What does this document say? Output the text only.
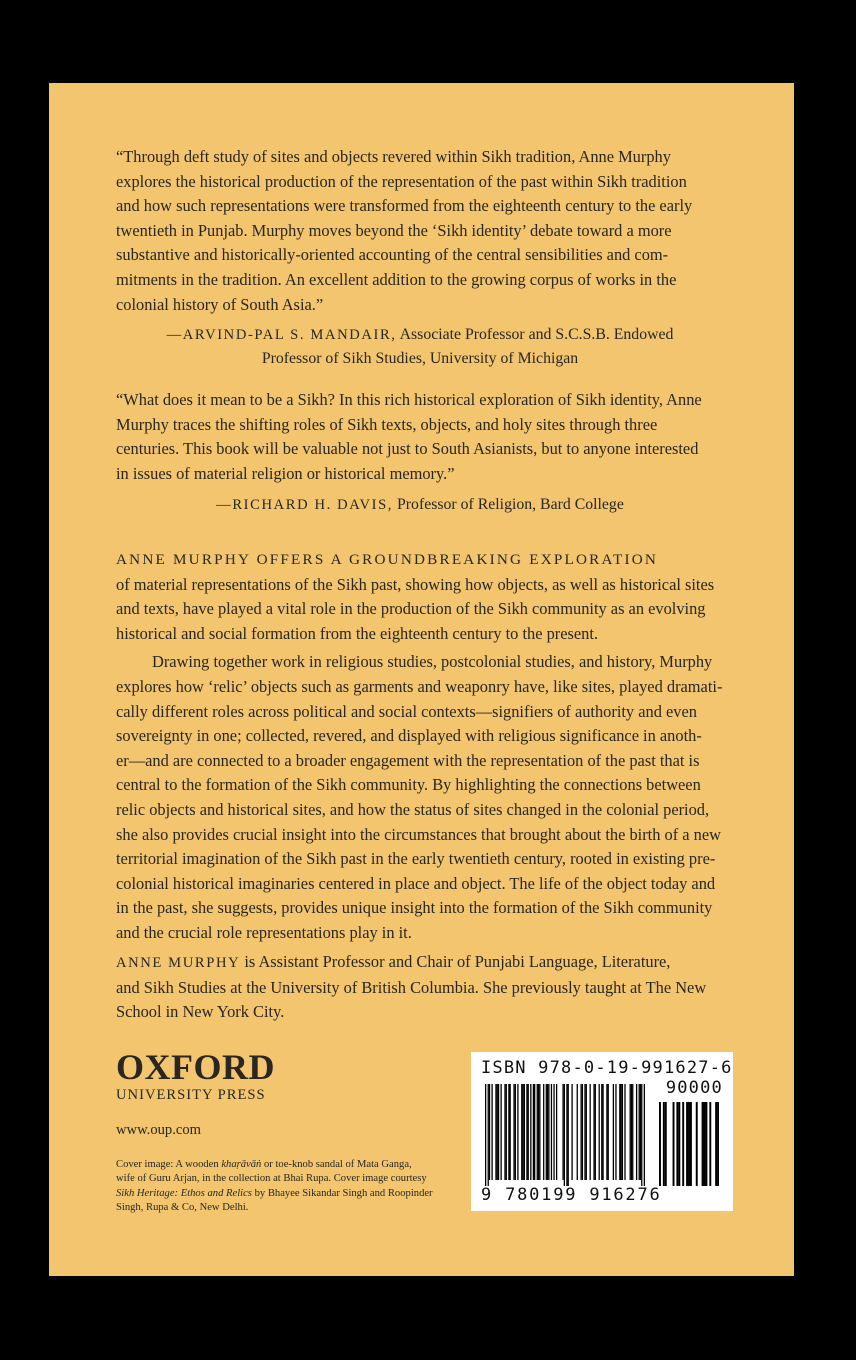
“Through deft study of sites and objects revered within Sikh tradition, Anne Murphy
explores the historical production of the representation of the past within Sikh tradition
and how such representations were transformed from the eighteenth century to the early
twentieth in Punjab. Murphy moves beyond the ‘Sikh identity’ debate toward a more
substantive and historically-oriented accounting of the central sensibilities and com-
mitments in the tradition. An excellent addition to the growing corpus of works in the
colonial history of South Asia.”

—ARVIND-PAL S. MANDAIR, Associate Professor and S.C.S.B. Endowed
Professor of Sikh Studies, University of Michigan

“What does it mean to be a Sikh? In this rich historical exploration of Sikh identity, Anne
Murphy traces the shifting roles of Sikh texts, objects, and holy sites through three
centuries. This book will be valuable not just to South Asianists, but to anyone interested
in issues of material religion or historical memory.”

—RICHARD H. DAVIS, Professor of Religion, Bard College

ANNE MURPHY OFFERS A GROUNDBREAKING EXPLORATION
of material representations of the Sikh past, showing how objects, as well as historical sites
and texts, have played a vital role in the production of the Sikh community as an evolving
historical and social formation from the eighteenth century to the present.
Drawing together work in religious studies, postcolonial studies, and history, Murphy
explores how ‘relic’ objects such as garments and weaponry have, like sites, played dramati-
cally different roles across political and social contexts—signifiers of authority and even
sovereignty in one; collected, revered, and displayed with religious significance in anoth-
er—and are connected to a broader engagement with the representation of the past that is
central to the formation of the Sikh community. By highlighting the connections between
relic objects and historical sites, and how the status of sites changed in the colonial period,
she also provides crucial insight into the circumstances that brought about the birth of a new
territorial imagination of the Sikh past in the early twentieth century, rooted in existing pre-
colonial historical imaginaries centered in place and object. The life of the object today and
in the past, she suggests, provides unique insight into the formation of the Sikh community
and the crucial role representations play in it.
ANNE MURPHY is Assistant Professor and Chair of Punjabi Language, Literature,
and Sikh Studies at the University of British Columbia. She previously taught at The New
School in New York City.
OXFORD
UNIVERSITY PRESS
www.oup.com

Cover image: A wooden khaṛāvāṅ or toe-knob sandal of Mata Ganga,
wife of Guru Arjan, in the collection at Bhai Rupa. Cover image courtesy
Sikh Heritage: Ethos and Relics by Bhayee Sikandar Singh and Roopinder
Singh, Rupa & Co, New Delhi.

ISBN 978-0-19-991627-6
90000
9 780199 916276
